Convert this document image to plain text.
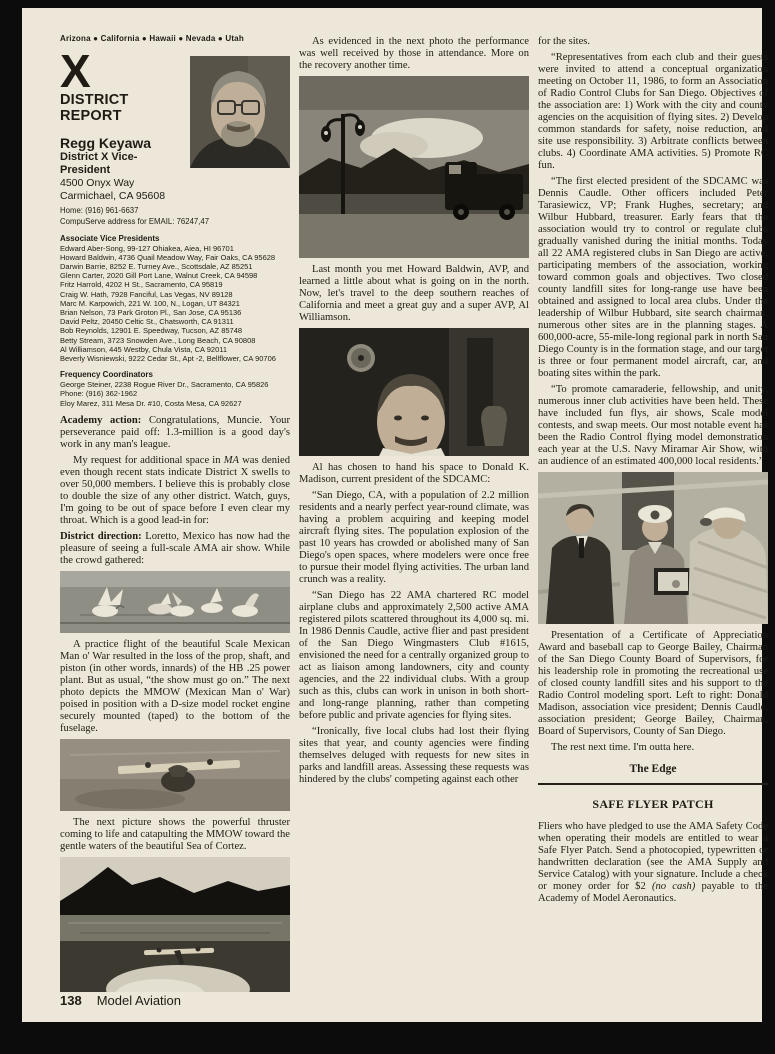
Arizona ● California ● Hawaii ● Nevada ● Utah
X
DISTRICT REPORT
Regg Keyawa
District X Vice-President
4500 Onyx Way
Carmichael, CA 95608
Home: (916) 961-6637
CompuServe address for EMAIL: 76247,47
Associate Vice Presidents
Edward Aber-Song, 99-127 Ohiakea, Aiea, HI 96701
Howard Baldwin, 4736 Quail Meadow Way, Fair Oaks, CA 95628
Darwin Barrie, 8252 E. Turney Ave., Scottsdale, AZ 85251
Glenn Carter, 2020 Gill Port Lane, Walnut Creek, CA 94598
Fritz Harrold, 4202 H St., Sacramento, CA 95819
Craig W. Hath, 7928 Fanciful, Las Vegas, NV 89128
Marc M. Karpowich, 221 W. 100, N., Logan, UT 84321
Brian Nelson, 73 Park Groton Pl., San Jose, CA 95136
David Peltz, 20450 Celtic St., Chatsworth, CA 91311
Bob Reynolds, 12901 E. Speedway, Tucson, AZ 85748
Betty Stream, 3723 Snowden Ave., Long Beach, CA 90808
Al Williamson, 445 Westby, Chula Vista, CA 92011
Beverly Wisniewski, 9222 Cedar St., Apt -2, Bellflower, CA 90706
Frequency Coordinators
George Steiner, 2238 Rogue River Dr., Sacramento, CA 95826
Phone: (916) 362-1962
Eloy Marez, 311 Mesa Dr. #10, Costa Mesa, CA 92627

Academy action: Congratulations, Muncie. Your perseverance paid off: 1.3-million is a good day's work in any man's league.

My request for additional space in MA was denied even though recent stats indicate District X swells to over 50,000 members. I believe this is probably close to double the size of any other district. Watch, guys, I'm going to be out of space before I even clear my throat. Which is a good lead-in for:

District direction: Loretto, Mexico has now had the pleasure of seeing a full-scale AMA air show. While the crowd gathered:

A practice flight of the beautiful Scale Mexican Man o' War resulted in the loss of the prop, shaft, and piston (in other words, innards) of the HB .25 power plant. But as usual, “the show must go on.” The next photo depicts the MMOW (Mexican Man o' War) poised in position with a D-size model rocket engine securely mounted (taped) to the bottom of the fuselage.

The next picture shows the powerful thruster coming to life and catapulting the MMOW toward the gentle waters of the beautiful Sea of Cortez.

As evidenced in the next photo the performance was well received by those in attendance. More on the recovery another time.

Last month you met Howard Baldwin, AVP, and learned a little about what is going on in the north. Now, let's travel to the deep southern reaches of California and meet a great guy and a super AVP, Al Williamson.

Al has chosen to hand his space to Donald K. Madison, current president of the SDCAMC:

“San Diego, CA, with a population of 2.2 million residents and a nearly perfect year-round climate, was having a problem acquiring and keeping model aircraft flying sites. The population explosion of the past 10 years has crowded or abolished many of San Diego's open spaces, where modelers were once free to pursue their model flying activities. The urban land crunch was a reality.

“San Diego has 22 AMA chartered RC model airplane clubs and approximately 2,500 active AMA registered pilots scattered throughout its 4,000 sq. mi. In 1986 Dennis Caudle, active flier and past president of the San Diego Wingmasters Club #1615, envisioned the need for a centrally organized group to act as liaison among landowners, city and county agencies, and the 22 individual clubs. With a group such as this, clubs can work in unison in both short- and long-range planning, rather than competing before public and private agencies for flying sites.

“Ironically, five local clubs had lost their flying sites that year, and county agencies were finding themselves deluged with requests for new sites in parks and landfill areas. Assessing these requests was hindered by the clubs' competing against each other

for the sites.

“Representatives from each club and their guests were invited to attend a conceptual organization meeting on October 11, 1986, to form an Association of Radio Control Clubs for San Diego. Objectives of the association are: 1) Work with the city and county agencies on the acquisition of flying sites. 2) Develop common standards for safety, noise reduction, and site use responsibility. 3) Arbitrate conflicts between clubs. 4) Coordinate AMA activities. 5) Promote RC fun.

“The first elected president of the SDCAMC was Dennis Caudle. Other officers included Peter Tarasiewicz, VP; Frank Hughes, secretary; and Wilbur Hubbard, treasurer. Early fears that the association would try to control or regulate clubs gradually vanished during the initial months. Today all 22 AMA registered clubs in San Diego are active, participating members of the association, working toward common goals and objectives. Two closed county landfill sites for long-range use have been obtained and assigned to local area clubs. Under the leadership of Wilbur Hubbard, site search chairman, numerous other sites are in the planning stages. A 600,000-acre, 55-mile-long regional park in north San Diego County is in the formation stage, and our target is three or four permanent model aircraft, car, and boating sites within the park.

“To promote camaraderie, fellowship, and unity, numerous inner club activities have been held. These have included fun flys, air shows, Scale model contests, and swap meets. Our most notable event has been the Radio Control flying model demonstration each year at the U.S. Navy Miramar Air Show, with an audience of an estimated 400,000 local residents.”

Presentation of a Certificate of Appreciation Award and baseball cap to George Bailey, Chairman of the San Diego County Board of Supervisors, for his leadership role in promoting the recreational use of closed county landfill sites and his support to the Radio Control modeling sport. Left to right: Donald Madison, association vice president; Dennis Caudle, association president; George Bailey, Chairman, Board of Supervisors, County of San Diego.

The rest next time. I'm outta here.

The Edge
SAFE FLYER PATCH

Fliers who have pledged to use the AMA Safety Code when operating their models are entitled to wear a Safe Flyer Patch. Send a photocopied, typewritten or handwritten declaration (see the AMA Supply and Service Catalog) with your signature. Include a check or money order for $2 (no cash) payable to the Academy of Model Aeronautics.

138 Model Aviation
